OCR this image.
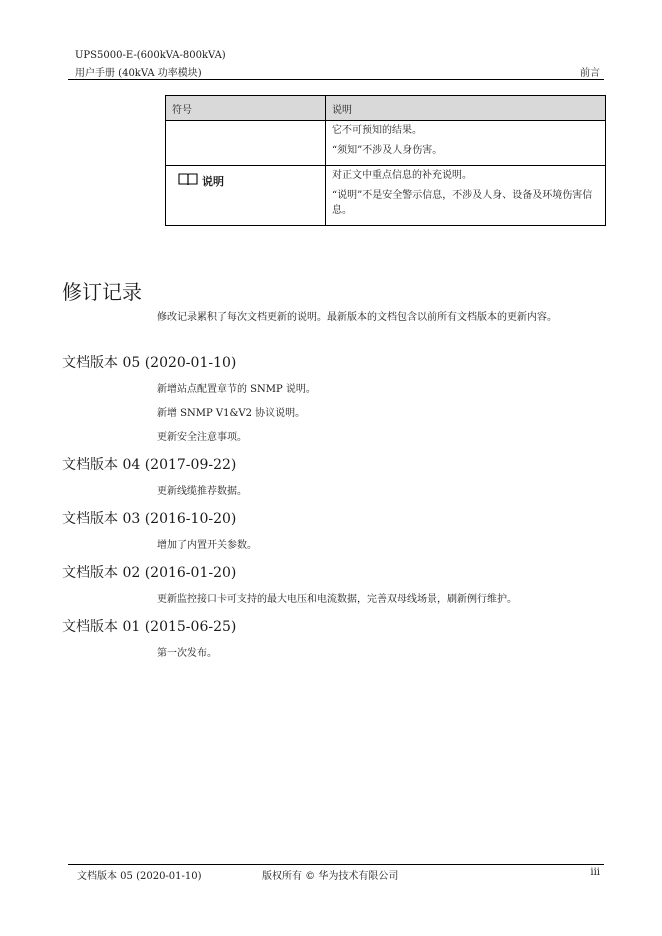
UPS5000-E-(600kVA-800kVA)
用户手册 (40kVA 功率模块)	前言
符号	说明

	它不可预知的结果。

“须知”不涉及人身伤害。

说明	对正文中重点信息的补充说明。

“说明”不是安全警示信息，不涉及人身、设备及环境伤害信息。

修订记录
修改记录累积了每次文档更新的说明。最新版本的文档包含以前所有文档版本的更新内容。
文档版本 05 (2020-01-10)
新增站点配置章节的 SNMP 说明。
新增 SNMP V1&V2 协议说明。
更新安全注意事项。
文档版本 04 (2017-09-22)
更新线缆推荐数据。
文档版本 03 (2016-10-20)
增加了内置开关参数。
文档版本 02 (2016-01-20)
更新监控接口卡可支持的最大电压和电流数据，完善双母线场景，刷新例行维护。
文档版本 01 (2015-06-25)
第一次发布。
文档版本 05 (2020-01-10)	版权所有 © 华为技术有限公司	iii
